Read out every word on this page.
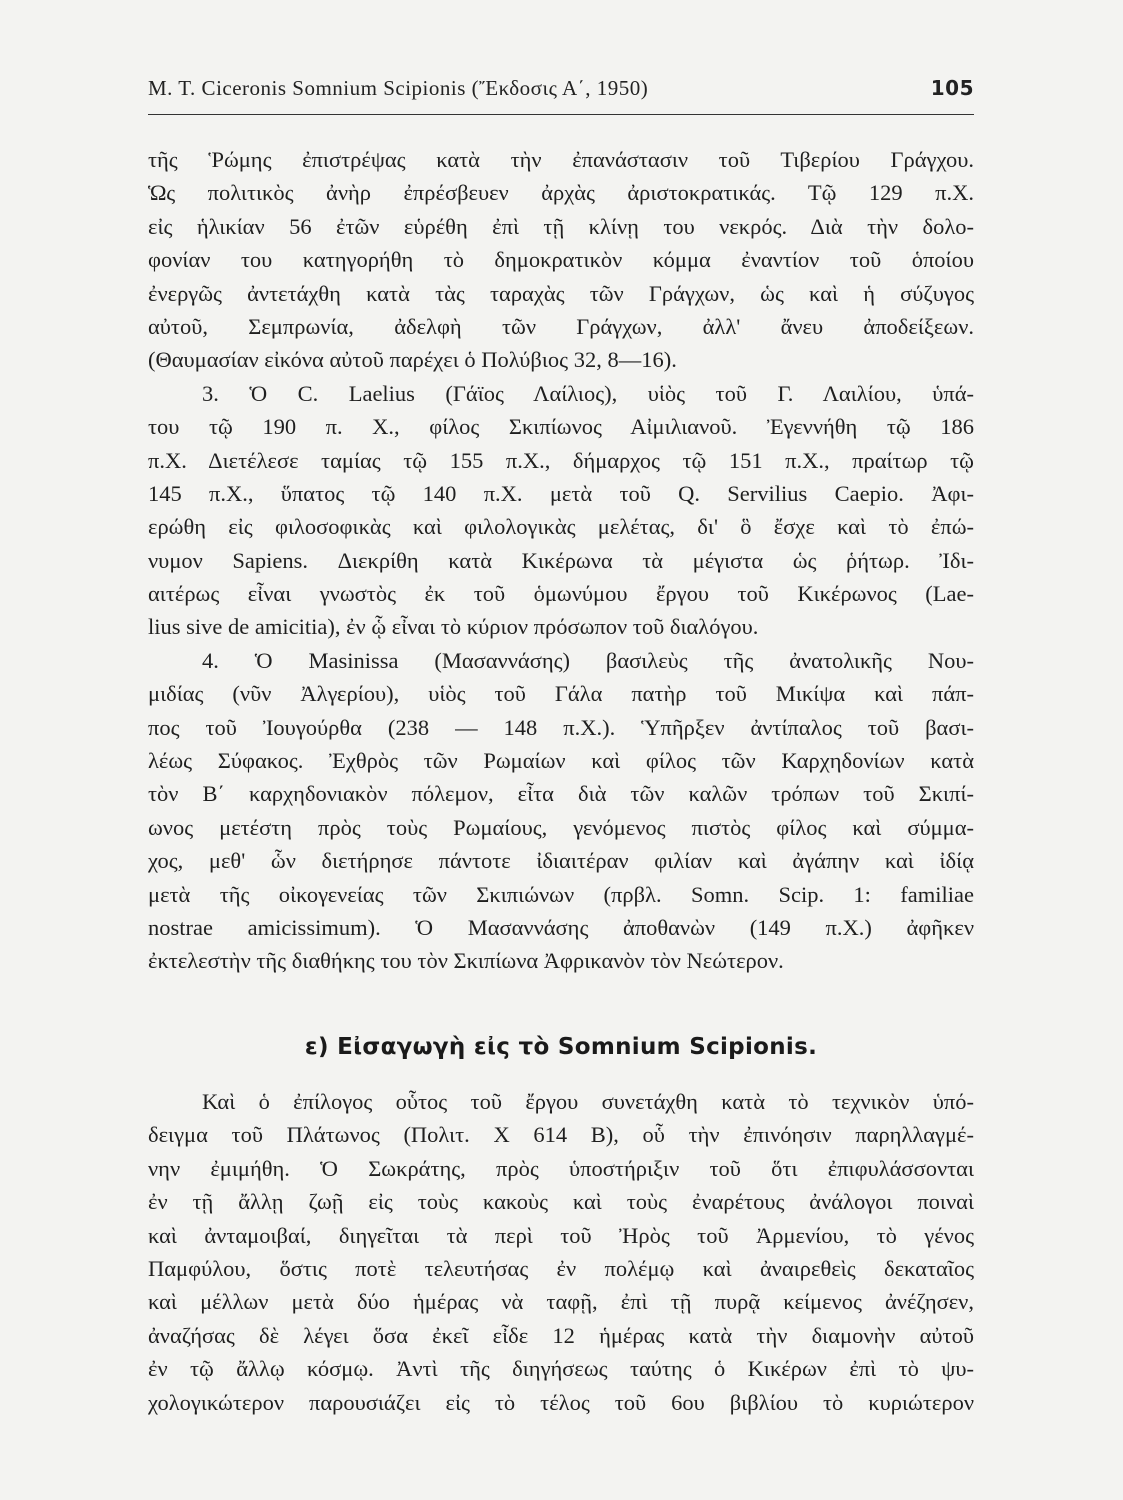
M. T. Ciceronis Somnium Scipionis (Ἔκδοσις Α΄, 1950)	105
τῆς Ῥώμης ἐπιστρέψας κατὰ τὴν ἐπανάστασιν τοῦ Τιβερίου Γράγχου.
Ὡς πολιτικὸς ἀνὴρ ἐπρέσβευεν ἀρχὰς ἀριστοκρατικάς. Τῷ 129 π.Χ.
εἰς ἡλικίαν 56 ἐτῶν εὑρέθη ἐπὶ τῇ κλίνῃ του νεκρός. Διὰ τὴν δολο-
φονίαν του κατηγορήθη τὸ δημοκρατικὸν κόμμα ἐναντίον τοῦ ὁποίου
ἐνεργῶς ἀντετάχθη κατὰ τὰς ταραχὰς τῶν Γράγχων, ὡς καὶ ἡ σύζυγος
αὐτοῦ, Σεμπρωνία, ἀδελφὴ τῶν Γράγχων, ἀλλ' ἄνευ ἀποδείξεων.
(Θαυμασίαν εἰκόνα αὐτοῦ παρέχει ὁ Πολύβιος 32, 8—16).
3. Ὁ C. Laelius (Γάϊος Λαίλιος), υἱὸς τοῦ Γ. Λαιλίου, ὑπά-
του τῷ 190 π. Χ., φίλος Σκιπίωνος Αἰμιλιανοῦ. Ἐγεννήθη τῷ 186
π.Χ. Διετέλεσε ταμίας τῷ 155 π.Χ., δήμαρχος τῷ 151 π.Χ., πραίτωρ τῷ
145 π.Χ., ὕπατος τῷ 140 π.Χ. μετὰ τοῦ Q. Servilius Caepio. Ἀφι-
ερώθη εἰς φιλοσοφικὰς καὶ φιλολογικὰς μελέτας, δι' ὃ ἔσχε καὶ τὸ ἐπώ-
νυμον Sapiens. Διεκρίθη κατὰ Κικέρωνα τὰ μέγιστα ὡς ῥήτωρ. Ἰδι-
αιτέρως εἶναι γνωστὸς ἐκ τοῦ ὁμωνύμου ἔργου τοῦ Κικέρωνος (Lae-
lius sive de amicitia), ἐν ᾧ εἶναι τὸ κύριον πρόσωπον τοῦ διαλόγου.
4. Ὁ Masinissa (Μασαννάσης) βασιλεὺς τῆς ἀνατολικῆς Νου-
μιδίας (νῦν Ἀλγερίου), υἱὸς τοῦ Γάλα πατὴρ τοῦ Μικίψα καὶ πάπ-
πος τοῦ Ἰουγούρθα (238 — 148 π.Χ.). Ὑπῆρξεν ἀντίπαλος τοῦ βασι-
λέως Σύφακος. Ἐχθρὸς τῶν Ρωμαίων καὶ φίλος τῶν Καρχηδονίων κατὰ
τὸν Β΄ καρχηδονιακὸν πόλεμον, εἶτα διὰ τῶν καλῶν τρόπων τοῦ Σκιπί-
ωνος μετέστη πρὸς τοὺς Ρωμαίους, γενόμενος πιστὸς φίλος καὶ σύμμα-
χος, μεθ' ὧν διετήρησε πάντοτε ἰδιαιτέραν φιλίαν καὶ ἀγάπην καὶ ἰδίᾳ
μετὰ τῆς οἰκογενείας τῶν Σκιπιώνων (πρβλ. Somn. Scip. 1: familiae
nostrae amicissimum). Ὁ Μασαννάσης ἀποθανὼν (149 π.Χ.) ἀφῆκεν
ἐκτελεστὴν τῆς διαθήκης του τὸν Σκιπίωνα Ἀφρικανὸν τὸν Νεώτερον.
ε) Εἰσαγωγὴ εἰς τὸ Somnium Scipionis.
Καὶ ὁ ἐπίλογος οὗτος τοῦ ἔργου συνετάχθη κατὰ τὸ τεχνικὸν ὑπό-
δειγμα τοῦ Πλάτωνος (Πολιτ. Χ 614 Β), οὗ τὴν ἐπινόησιν παρηλλαγμέ-
νην ἐμιμήθη. Ὁ Σωκράτης, πρὸς ὑποστήριξιν τοῦ ὅτι ἐπιφυλάσσονται
ἐν τῇ ἄλλῃ ζωῇ εἰς τοὺς κακοὺς καὶ τοὺς ἐναρέτους ἀνάλογοι ποιναὶ
καὶ ἀνταμοιβαί, διηγεῖται τὰ περὶ τοῦ Ἠρὸς τοῦ Ἀρμενίου, τὸ γένος
Παμφύλου, ὅστις ποτὲ τελευτήσας ἐν πολέμῳ καὶ ἀναιρεθεὶς δεκαταῖος
καὶ μέλλων μετὰ δύο ἡμέρας νὰ ταφῇ, ἐπὶ τῇ πυρᾷ κείμενος ἀνέζησεν,
ἀναζήσας δὲ λέγει ὅσα ἐκεῖ εἶδε 12 ἡμέρας κατὰ τὴν διαμονὴν αὐτοῦ
ἐν τῷ ἄλλῳ κόσμῳ. Ἀντὶ τῆς διηγήσεως ταύτης ὁ Κικέρων ἐπὶ τὸ ψυ-
χολογικώτερον παρουσιάζει εἰς τὸ τέλος τοῦ 6ου βιβλίου τὸ κυριώτερον
